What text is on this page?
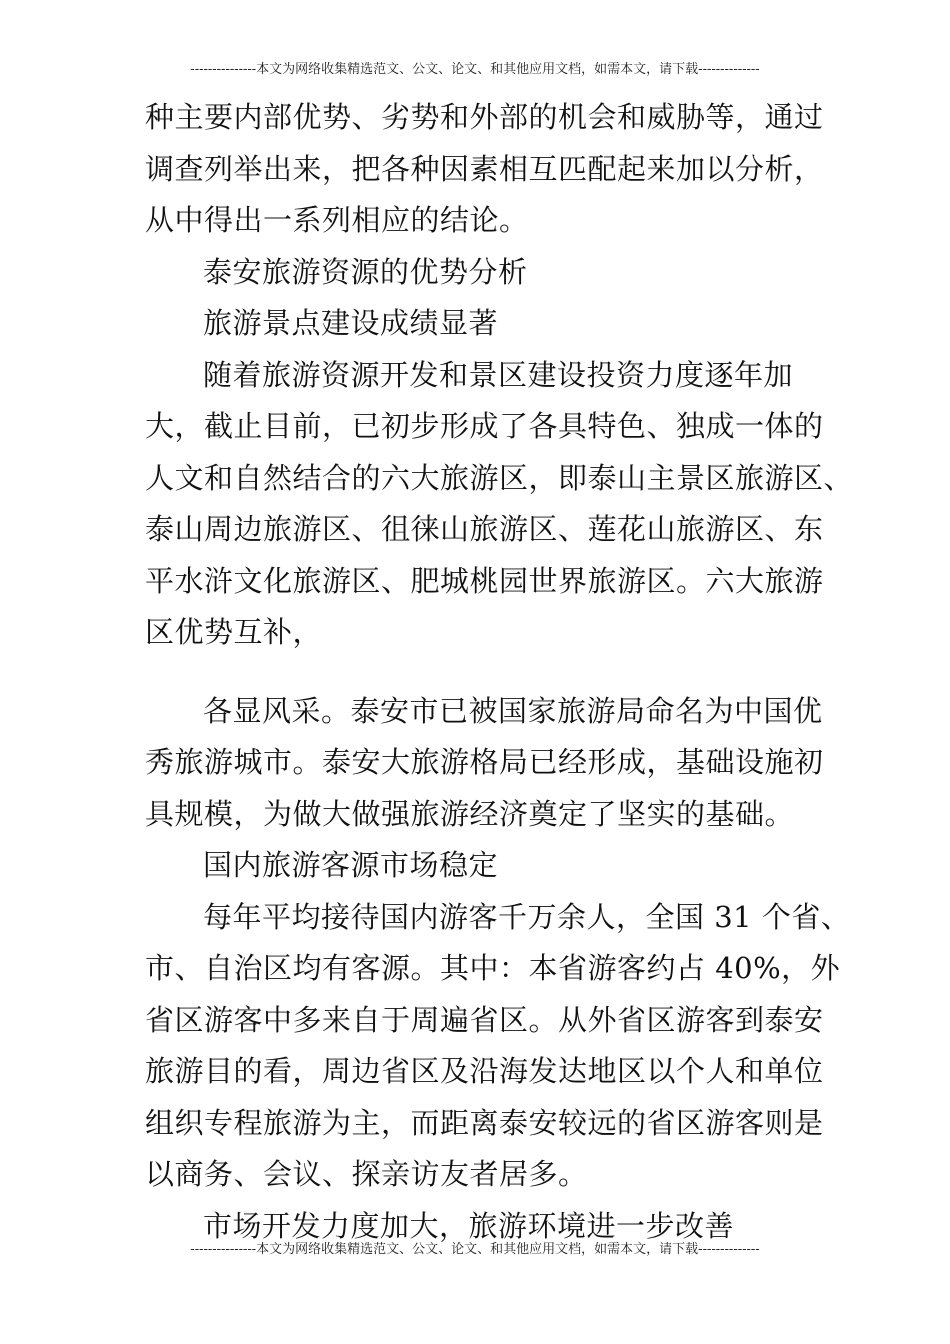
---------------本文为网络收集精选范文、公文、论文、和其他应用文档，如需本文，请下载--------------
种主要内部优势、劣势和外部的机会和威胁等，通过
调查列举出来，把各种因素相互匹配起来加以分析，
从中得出一系列相应的结论。
泰安旅游资源的优势分析
旅游景点建设成绩显著
随着旅游资源开发和景区建设投资力度逐年加
大，截止目前，已初步形成了各具特色、独成一体的
人文和自然结合的六大旅游区，即泰山主景区旅游区、
泰山周边旅游区、徂徕山旅游区、莲花山旅游区、东
平水浒文化旅游区、肥城桃园世界旅游区。六大旅游
区优势互补，
各显风采。泰安市已被国家旅游局命名为中国优
秀旅游城市。泰安大旅游格局已经形成，基础设施初
具规模，为做大做强旅游经济奠定了坚实的基础。
国内旅游客源市场稳定
每年平均接待国内游客千万余人，全国 31 个省、
市、自治区均有客源。其中：本省游客约占 40%，外
省区游客中多来自于周遍省区。从外省区游客到泰安
旅游目的看，周边省区及沿海发达地区以个人和单位
组织专程旅游为主，而距离泰安较远的省区游客则是
以商务、会议、探亲访友者居多。
市场开发力度加大，旅游环境进一步改善
---------------本文为网络收集精选范文、公文、论文、和其他应用文档，如需本文，请下载--------------
